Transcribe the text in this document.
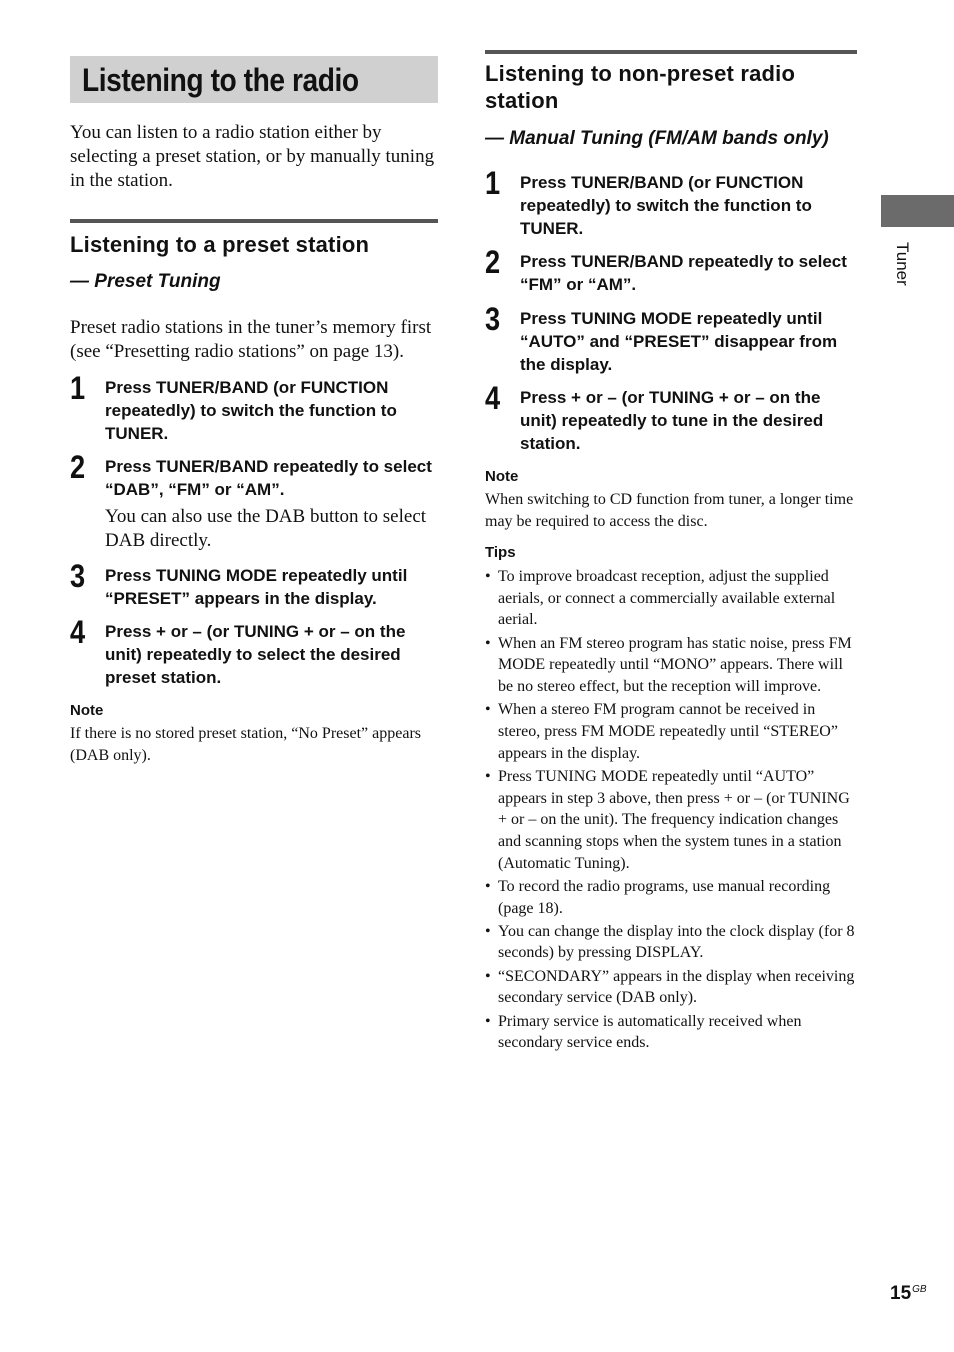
Listening to the radio

You can listen to a radio station either by selecting a preset station, or by manually tuning in the station.

Listening to a preset station
— Preset Tuning

Preset radio stations in the tuner’s memory first (see “Presetting radio stations” on page 13).

1 Press TUNER/BAND (or FUNCTION repeatedly) to switch the function to TUNER.
2 Press TUNER/BAND repeatedly to select “DAB”, “FM” or “AM”.
You can also use the DAB button to select DAB directly.
3 Press TUNING MODE repeatedly until “PRESET” appears in the display.
4 Press + or – (or TUNING + or – on the unit) repeatedly to select the desired preset station.
Note

If there is no stored preset station, “No Preset” appears (DAB only).

Listening to non-preset radio station
— Manual Tuning (FM/AM bands only)
1 Press TUNER/BAND (or FUNCTION repeatedly) to switch the function to TUNER.
2 Press TUNER/BAND repeatedly to select “FM” or “AM”.
3 Press TUNING MODE repeatedly until “AUTO” and “PRESET” disappear from the display.
4 Press + or – (or TUNING + or – on the unit) repeatedly to tune in the desired station.
Note

When switching to CD function from tuner, a longer time may be required to access the disc.

Tips
• To improve broadcast reception, adjust the supplied aerials, or connect a commercially available external aerial.
• When an FM stereo program has static noise, press FM MODE repeatedly until “MONO” appears. There will be no stereo effect, but the reception will improve.
• When a stereo FM program cannot be received in stereo, press FM MODE repeatedly until “STEREO” appears in the display.
• Press TUNING MODE repeatedly until “AUTO” appears in step 3 above, then press + or – (or TUNING + or – on the unit). The frequency indication changes and scanning stops when the system tunes in a station (Automatic Tuning).
• To record the radio programs, use manual recording (page 18).
• You can change the display into the clock display (for 8 seconds) by pressing DISPLAY.
• “SECONDARY” appears in the display when receiving secondary service (DAB only).
• Primary service is automatically received when secondary service ends.
Tuner
$15^{GB}$
